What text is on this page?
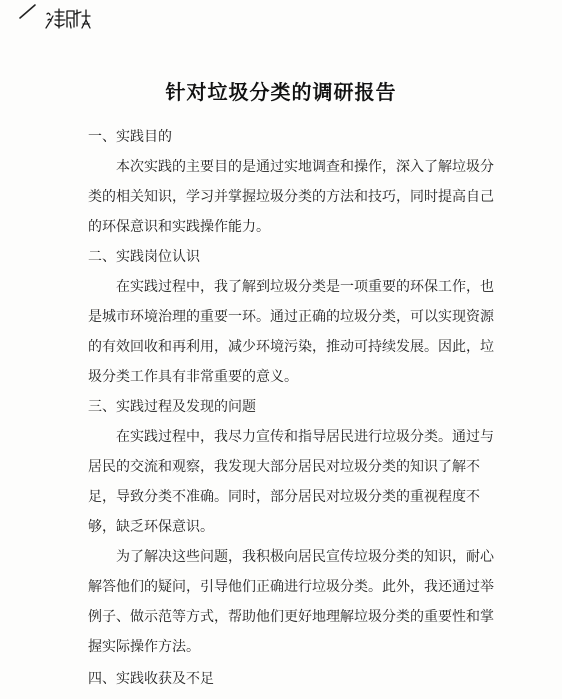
针对垃圾分类的调研报告
一、实践目的
本次实践的主要目的是通过实地调查和操作，深入了解垃圾分
类的相关知识，学习并掌握垃圾分类的方法和技巧，同时提高自己
的环保意识和实践操作能力。
二、实践岗位认识
在实践过程中，我了解到垃圾分类是一项重要的环保工作，也
是城市环境治理的重要一环。通过正确的垃圾分类，可以实现资源
的有效回收和再利用，减少环境污染，推动可持续发展。因此，垃
圾分类工作具有非常重要的意义。
三、实践过程及发现的问题
在实践过程中，我尽力宣传和指导居民进行垃圾分类。通过与
居民的交流和观察，我发现大部分居民对垃圾分类的知识了解不
足，导致分类不准确。同时，部分居民对垃圾分类的重视程度不
够，缺乏环保意识。
为了解决这些问题，我积极向居民宣传垃圾分类的知识，耐心
解答他们的疑问，引导他们正确进行垃圾分类。此外，我还通过举
例子、做示范等方式，帮助他们更好地理解垃圾分类的重要性和掌
握实际操作方法。
四、实践收获及不足
